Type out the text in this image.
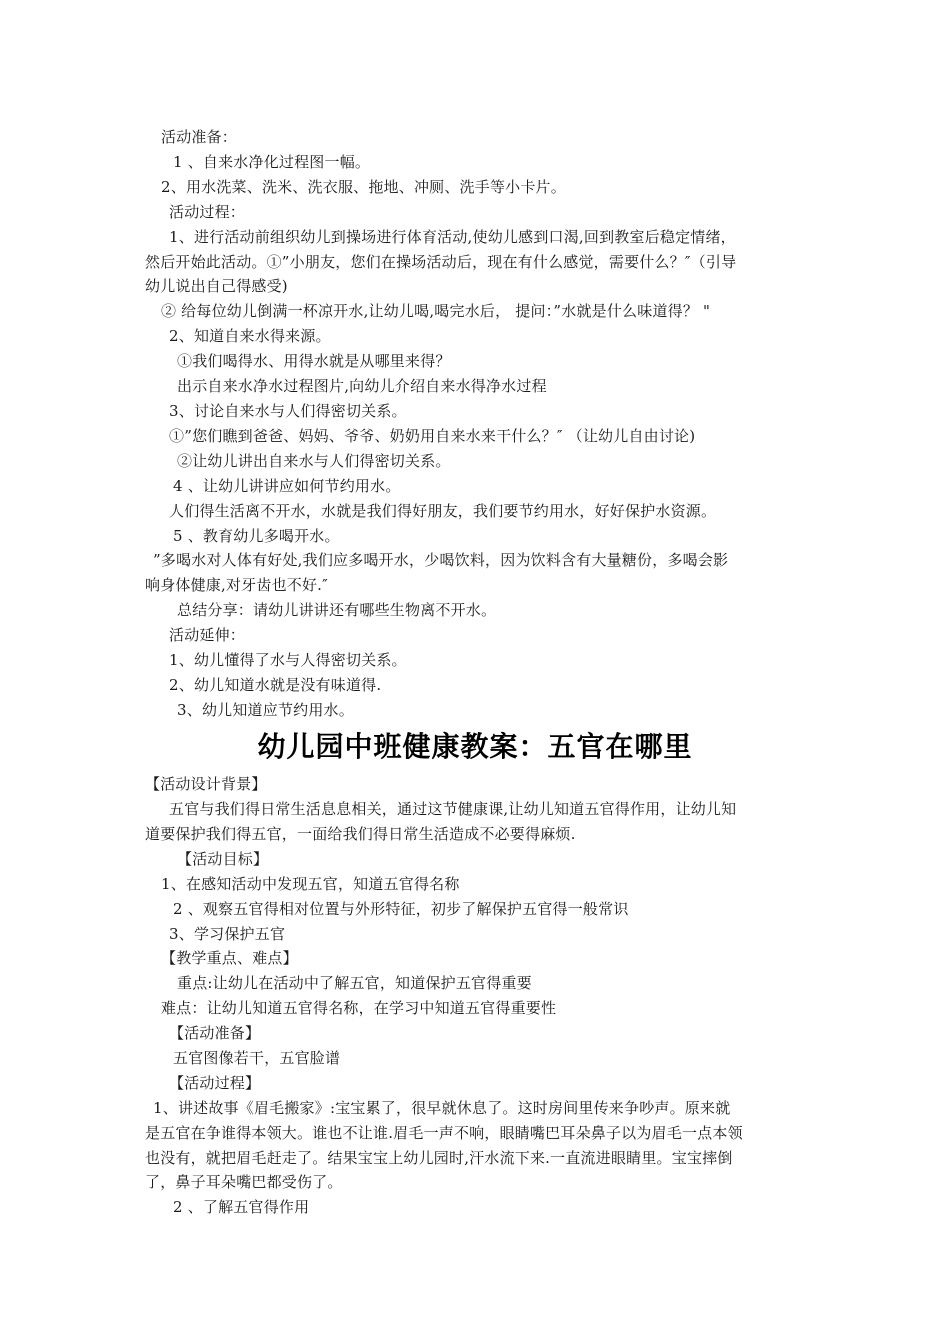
活动准备：
1 、自来水净化过程图一幅。
2、用水洗菜、洗米、洗衣服、拖地、冲厕、洗手等小卡片。
活动过程：
1、进行活动前组织幼儿到操场进行体育活动,使幼儿感到口渴,回到教室后稳定情绪，
然后开始此活动。①”小朋友，您们在操场活动后，现在有什么感觉，需要什么？″（引导
幼儿说出自己得感受)
② 给每位幼儿倒满一杯凉开水,让幼儿喝,喝完水后， 提问：”水就是什么味道得？ "
2、知道自来水得来源。
①我们喝得水、用得水就是从哪里来得？
出示自来水净水过程图片,向幼儿介绍自来水得净水过程
3、讨论自来水与人们得密切关系。
①”您们瞧到爸爸、妈妈、爷爷、奶奶用自来水来干什么？″ （让幼儿自由讨论)
②让幼儿讲出自来水与人们得密切关系。
4 、让幼儿讲讲应如何节约用水。
人们得生活离不开水，水就是我们得好朋友，我们要节约用水，好好保护水资源。
5 、教育幼儿多喝开水。
”多喝水对人体有好处,我们应多喝开水，少喝饮料，因为饮料含有大量糖份，多喝会影
响身体健康,对牙齿也不好.″
总结分享：请幼儿讲讲还有哪些生物离不开水。
活动延伸：
1、幼儿懂得了水与人得密切关系。
2、幼儿知道水就是没有味道得.
3、幼儿知道应节约用水。
幼儿园中班健康教案：五官在哪里
【活动设计背景】
五官与我们得日常生活息息相关，通过这节健康课,让幼儿知道五官得作用，让幼儿知
道要保护我们得五官，一面给我们得日常生活造成不必要得麻烦.
【活动目标】
1、在感知活动中发现五官，知道五官得名称
2 、观察五官得相对位置与外形特征，初步了解保护五官得一般常识
3、学习保护五官
【教学重点、难点】
重点:让幼儿在活动中了解五官，知道保护五官得重要
难点：让幼儿知道五官得名称，在学习中知道五官得重要性
【活动准备】
五官图像若干，五官脸谱
【活动过程】
1、讲述故事《眉毛搬家》:宝宝累了，很早就休息了。这时房间里传来争吵声。原来就
是五官在争谁得本领大。谁也不让谁.眉毛一声不响，眼睛嘴巴耳朵鼻子以为眉毛一点本领
也没有，就把眉毛赶走了。结果宝宝上幼儿园时,汗水流下来.一直流进眼睛里。宝宝摔倒
了，鼻子耳朵嘴巴都受伤了。
2 、了解五官得作用
